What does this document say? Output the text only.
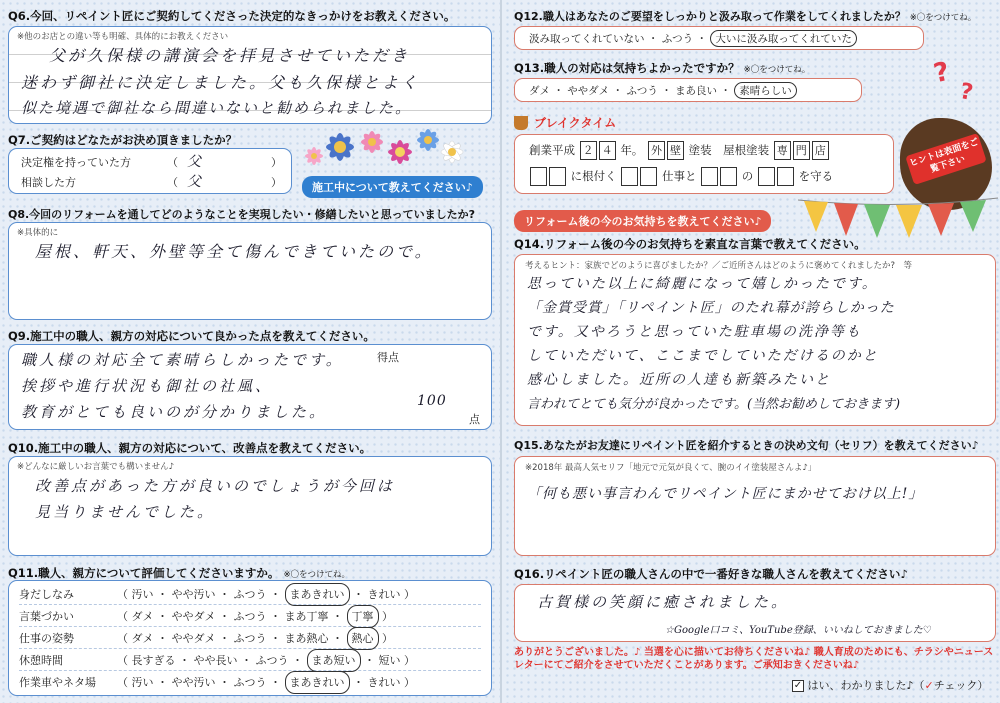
Q6.今回、リペイント匠にご契約してくださった決定的なきっかけをお教えください。
※他のお店との違い等も明確、具体的にお教えください
父が久保様の講演会を拝見させていただき
迷わず御社に決定しました。父も久保様とよく
似た境遇で御社なら間違いないと勧められました。
Q7.ご契約はどなたがお決め頂きましたか？
決定権を持っていた方	（ 父	）
相談した方	（ 父	）	施工中について教えてください♪
Q8.今回のリフォームを通してどのようなことを実現したい・修繕したいと思っていましたか?
※具体的に
屋根、軒天、外壁等全て傷んできていたので。
Q9.施工中の職人、親方の対応について良かった点を教えてください。
職人様の対応全て素晴らしかったです。
挨拶や進行状況も御社の社風、
教育がとても良いのが分かりました。
得点
100
点
Q10.施工中の職人、親方の対応について、改善点を教えてください。
※どんなに厳しいお言葉でも構いません♪
改善点があった方が良いのでしょうが今回は
見当りませんでした。
Q11.職人、親方について評価してくださいますか。 ※〇をつけてね。
身だしなみ	（ 汚い ・ やや汚い ・ ふつう ・ まあきれい ・ きれい ）
言葉づかい	（ ダメ ・ ややダメ ・ ふつう ・ まあ丁寧 ・ 丁寧 ）
仕事の姿勢	（ ダメ ・ ややダメ ・ ふつう ・ まあ熱心 ・ 熱心 ）
休憩時間	（ 長すぎる ・ やや長い ・ ふつう ・ まあ短い ・ 短い ）
作業車やネタ場 （ 汚い ・ やや汚い ・ ふつう ・ まあきれい ・ きれい ）
Q12.職人はあなたのご要望をしっかりと汲み取って作業をしてくれましたか？ ※〇をつけてね。
汲み取ってくれていない ・ ふつう ・ 大いに汲み取ってくれていた
Q13.職人の対応は気持ちよかったですか？ ※〇をつけてね。
ダメ ・ ややダメ ・ ふつう ・ まあ良い ・ 素晴らしい
?
?
ブレイクタイム
創業平成 ２ ４ 年。 外 壁 塗装　屋根塗装 専 門 店
に根付く	仕事と	の	を守る
ヒントは表面をご覧下さい
リフォーム後の今のお気持ちを教えてください♪
Q14.リフォーム後の今のお気持ちを素直な言葉で教えてください。
考えるヒント：家族でどのように喜びましたか？／ご近所さんはどのように褒めてくれましたか?　等
思っていた以上に綺麗になって嬉しかったです。
「金賞受賞」「リペイント匠」のたれ幕が誇らしかった
です。又やろうと思っていた駐車場の洗浄等も
していただいて、ここまでしていただけるのかと
感心しました。近所の人達も新築みたいと
言われてとても気分が良かったです。(当然お勧めしておきます)
Q15.あなたがお友達にリペイント匠を紹介するときの決め文句（セリフ）を教えてください♪
※2018年 最高人気セリフ「地元で元気が良くて、腕のイイ塗装屋さんよ♪」
「何も悪い事言わんでリペイント匠にまかせておけ以上!」
Q16.リペイント匠の職人さんの中で一番好きな職人さんを教えてください♪
古賀様の笑顔に癒されました。
☆Google口コミ、YouTube登録、いいねしておきました♡
ありがとうございました。♪ 当選を心に描いてお待ちくださいね♪ 職人育成のためにも、チラシやニュースレターにてご紹介をさせていただくことがあります。ご承知おきくださいね♪
✓ はい、わかりました♪（✓チェック）
